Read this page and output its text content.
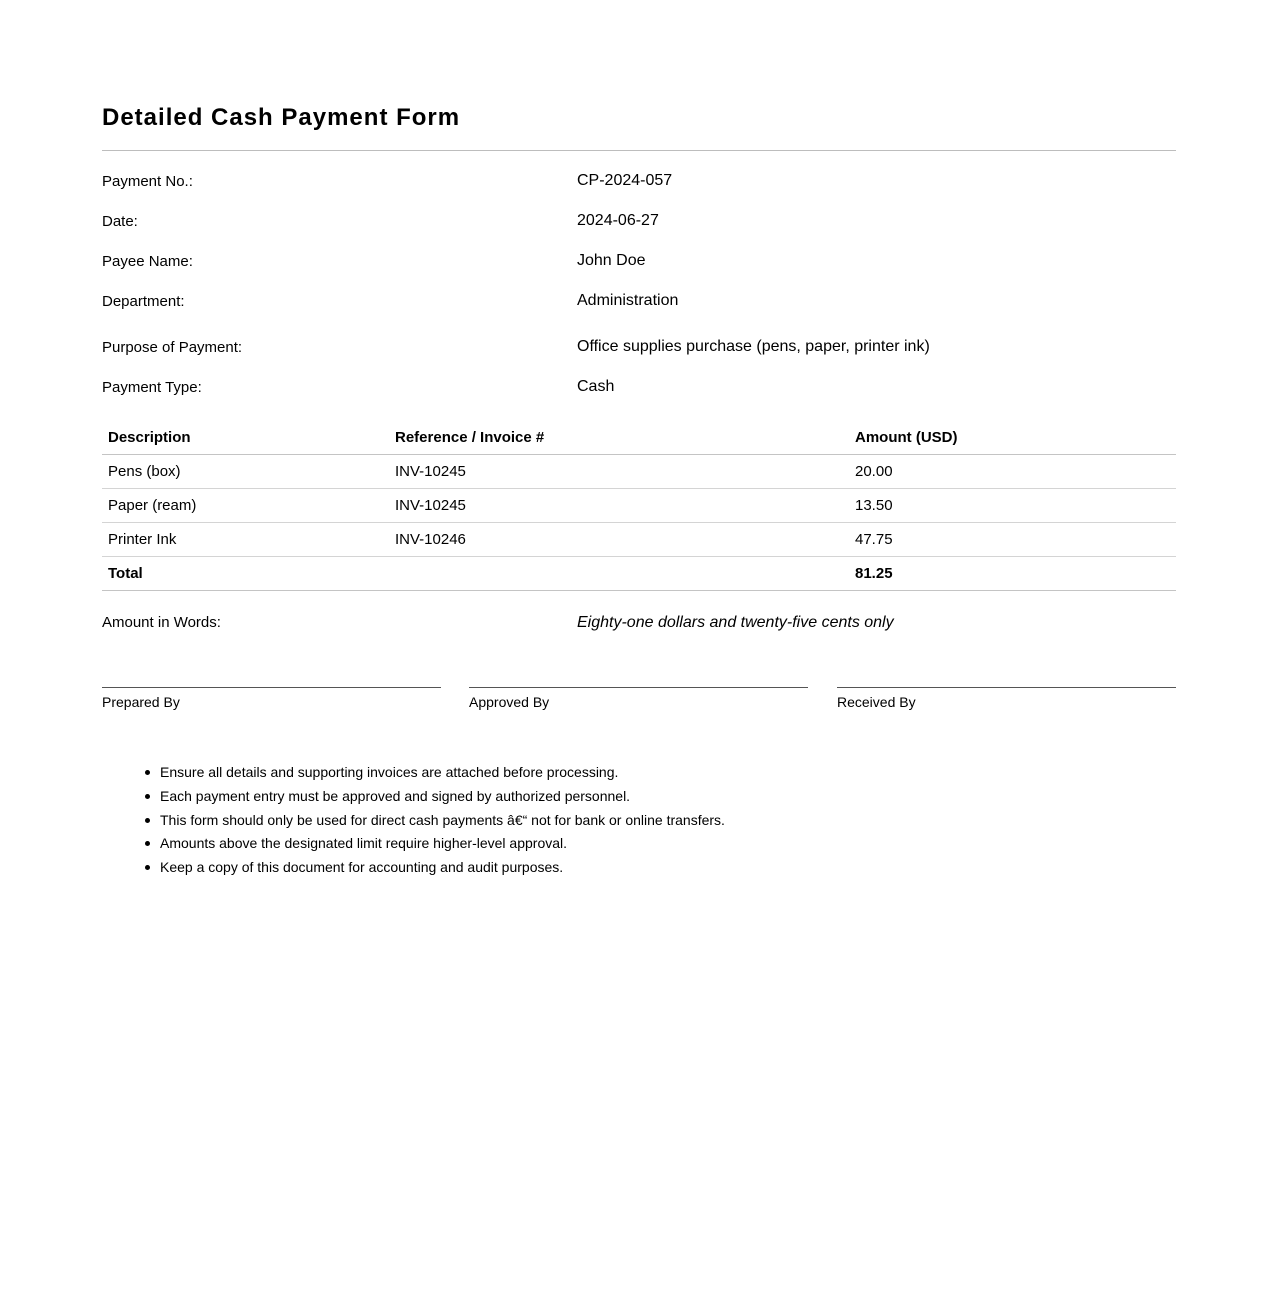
Detailed Cash Payment Form
Payment No.:	CP-2024-057
Date:	2024-06-27
Payee Name:	John Doe
Department:	Administration
Purpose of Payment:	Office supplies purchase (pens, paper, printer ink)
Payment Type:	Cash
Description	Reference / Invoice #	Amount (USD)
Pens (box)	INV-10245	20.00
Paper (ream)	INV-10245	13.50
Printer Ink	INV-10246	47.75
Total		81.25
Amount in Words:	Eighty-one dollars and twenty-five cents only
Prepared By	Approved By	Received By
Ensure all details and supporting invoices are attached before processing.
Each payment entry must be approved and signed by authorized personnel.
This form should only be used for direct cash payments â€“ not for bank or online transfers.
Amounts above the designated limit require higher-level approval.
Keep a copy of this document for accounting and audit purposes.
